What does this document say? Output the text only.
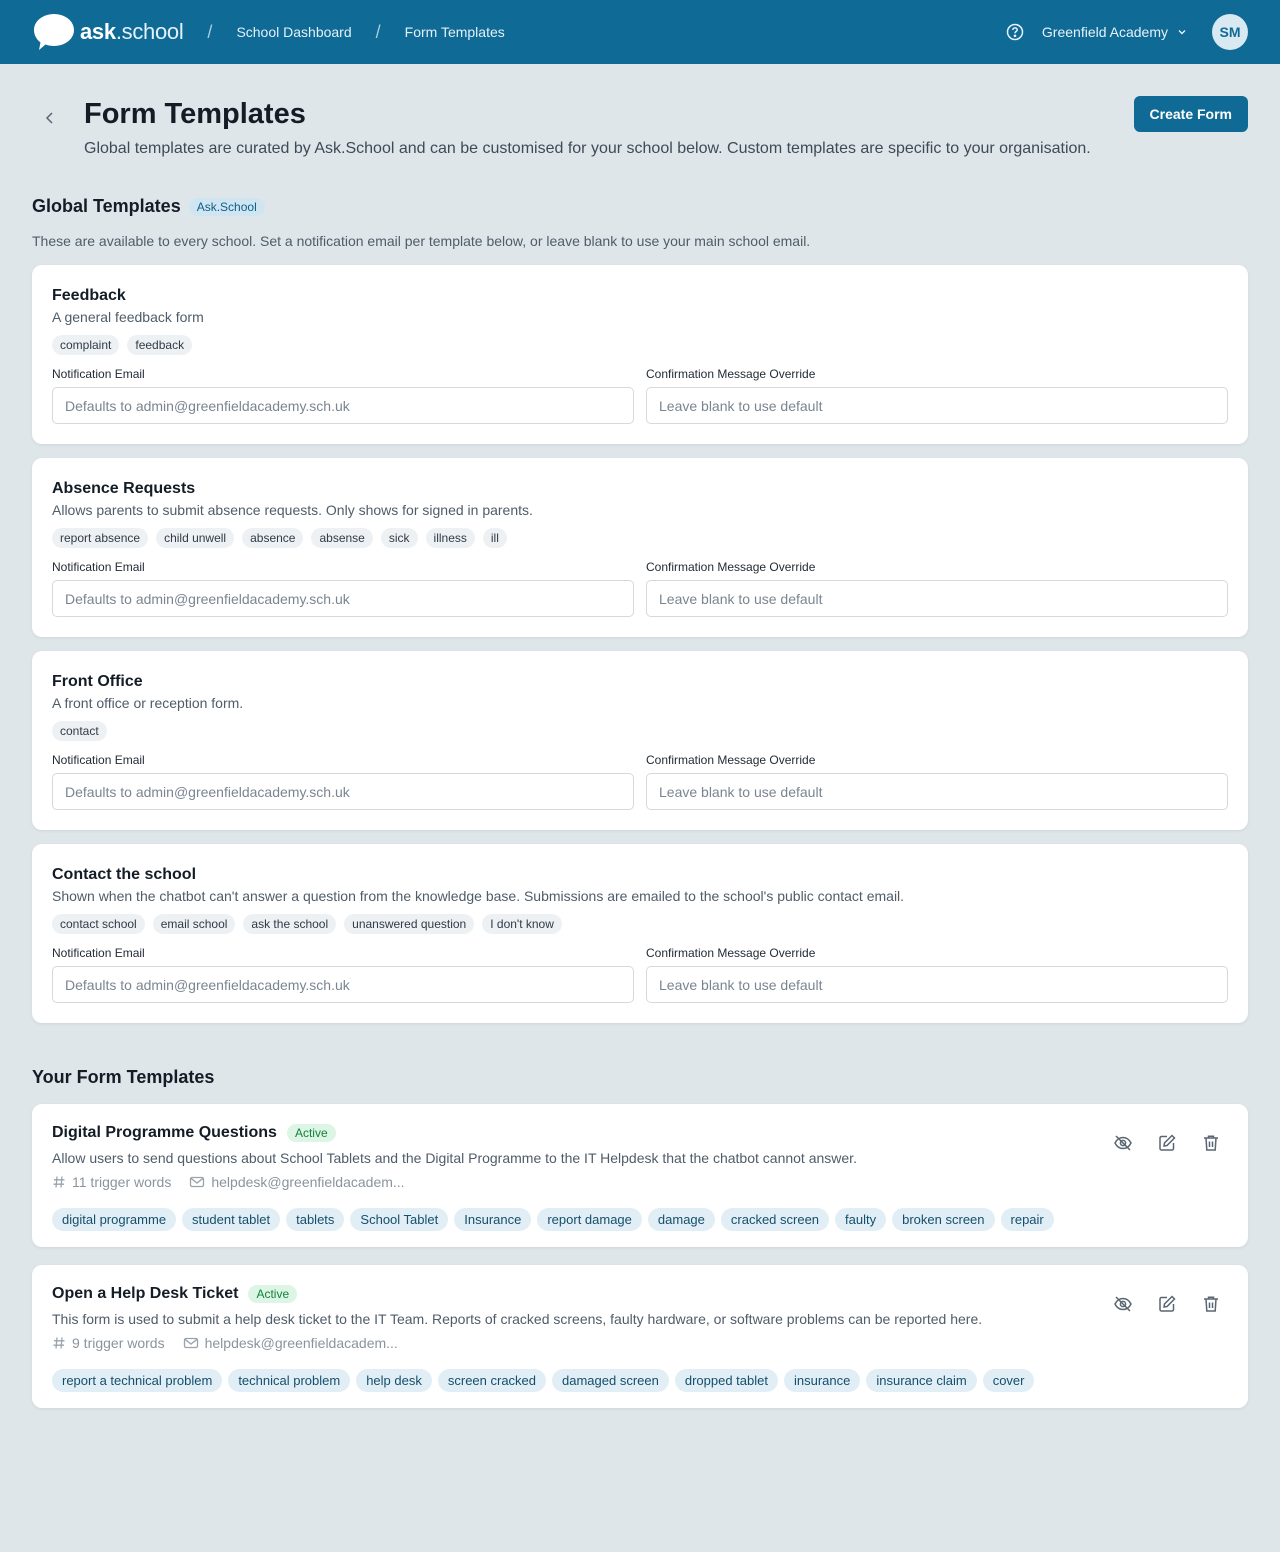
ask.school / School Dashboard / Form Templates	Greenfield Academy	SM
Form Templates

Global templates are curated by Ask.School and can be customised for your school below. Custom templates are specific to your organisation.

Create Form
Global Templates	Ask.School

These are available to every school. Set a notification email per template below, or leave blank to use your main school email.

Feedback
A general feedback form
complaint	feedback
Notification Email
Defaults to admin@greenfieldacademy.sch.uk	Confirmation Message Override
Leave blank to use default
Absence Requests
Allows parents to submit absence requests. Only shows for signed in parents.
report absence	child unwell	absence	absense	sick	illness	ill
Notification Email
Defaults to admin@greenfieldacademy.sch.uk	Confirmation Message Override
Leave blank to use default
Front Office
A front office or reception form.
contact
Notification Email
Defaults to admin@greenfieldacademy.sch.uk	Confirmation Message Override
Leave blank to use default
Contact the school
Shown when the chatbot can't answer a question from the knowledge base. Submissions are emailed to the school's public contact email.
contact school	email school	ask the school	unanswered question	I don't know
Notification Email
Defaults to admin@greenfieldacademy.sch.uk	Confirmation Message Override
Leave blank to use default
Your Form Templates
Digital Programme Questions	Active
Allow users to send questions about School Tablets and the Digital Programme to the IT Helpdesk that the chatbot cannot answer.
11 trigger words	helpdesk@greenfieldacadem...
digital programme	student tablet	tablets	School Tablet	Insurance	report damage	damage	cracked screen	faulty	broken screen	repair
Open a Help Desk Ticket	Active
This form is used to submit a help desk ticket to the IT Team. Reports of cracked screens, faulty hardware, or software problems can be reported here.
9 trigger words	helpdesk@greenfieldacadem...
report a technical problem	technical problem	help desk	screen cracked	damaged screen	dropped tablet	insurance	insurance claim	cover
